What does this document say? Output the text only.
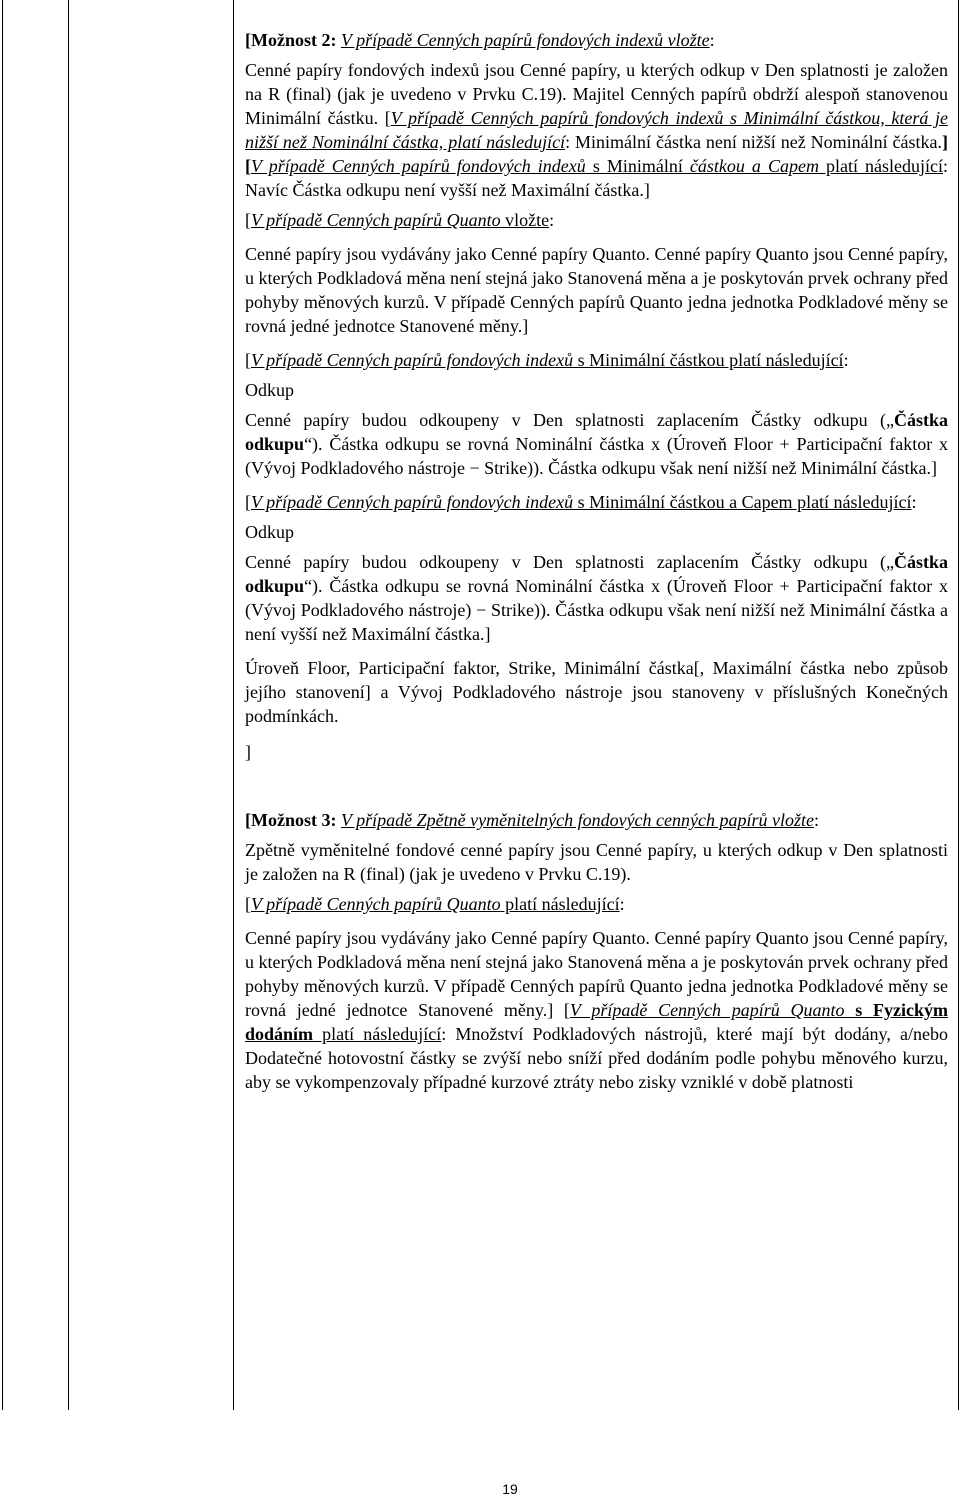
[Možnost 2: V případě Cenných papírů fondových indexů vložte:

Cenné papíry fondových indexů jsou Cenné papíry, u kterých odkup v Den splatnosti je založen na R (final) (jak je uvedeno v Prvku C.19). Majitel Cenných papírů obdrží alespoň stanovenou Minimální částku. [V případě Cenných papírů fondových indexů s Minimální částkou, která je nižší než Nominální částka, platí následující: Minimální částka není nižší než Nominální částka.][V případě Cenných papírů fondových indexů s Minimální částkou a Capem platí následující: Navíc Částka odkupu není vyšší než Maximální částka.]

[V případě Cenných papírů Quanto vložte:

Cenné papíry jsou vydávány jako Cenné papíry Quanto. Cenné papíry Quanto jsou Cenné papíry, u kterých Podkladová měna není stejná jako Stanovená měna a je poskytován prvek ochrany před pohyby měnových kurzů. V případě Cenných papírů Quanto jedna jednotka Podkladové měny se rovná jedné jednotce Stanovené měny.]

[V případě Cenných papírů fondových indexů s Minimální částkou platí následující:

Odkup

Cenné papíry budou odkoupeny v Den splatnosti zaplacením Částky odkupu („Částka odkupu“). Částka odkupu se rovná Nominální částka x (Úroveň Floor + Participační faktor x (Vývoj Podkladového nástroje − Strike)). Částka odkupu však není nižší než Minimální částka.]

[V případě Cenných papírů fondových indexů s Minimální částkou a Capem platí následující:

Odkup

Cenné papíry budou odkoupeny v Den splatnosti zaplacením Částky odkupu („Částka odkupu“). Částka odkupu se rovná Nominální částka x (Úroveň Floor + Participační faktor x (Vývoj Podkladového nástroje) − Strike)). Částka odkupu však není nižší než Minimální částka a není vyšší než Maximální částka.]

Úroveň Floor, Participační faktor, Strike, Minimální částka[, Maximální částka nebo způsob jejího stanovení] a Vývoj Podkladového nástroje jsou stanoveny v příslušných Konečných podmínkách.

]

[Možnost 3: V případě Zpětně vyměnitelných fondových cenných papírů vložte:

Zpětně vyměnitelné fondové cenné papíry jsou Cenné papíry, u kterých odkup v Den splatnosti je založen na R (final) (jak je uvedeno v Prvku C.19).

[V případě Cenných papírů Quanto platí následující:

Cenné papíry jsou vydávány jako Cenné papíry Quanto. Cenné papíry Quanto jsou Cenné papíry, u kterých Podkladová měna není stejná jako Stanovená měna a je poskytován prvek ochrany před pohyby měnových kurzů. V případě Cenných papírů Quanto jedna jednotka Podkladové měny se rovná jedné jednotce Stanovené měny.] [V případě Cenných papírů Quanto s Fyzickým dodáním platí následující: Množství Podkladových nástrojů, které mají být dodány, a/nebo Dodatečné hotovostní částky se zvýší nebo sníží před dodáním podle pohybu měnového kurzu, aby se vykompenzovaly případné kurzové ztráty nebo zisky vzniklé v době platnosti

19
